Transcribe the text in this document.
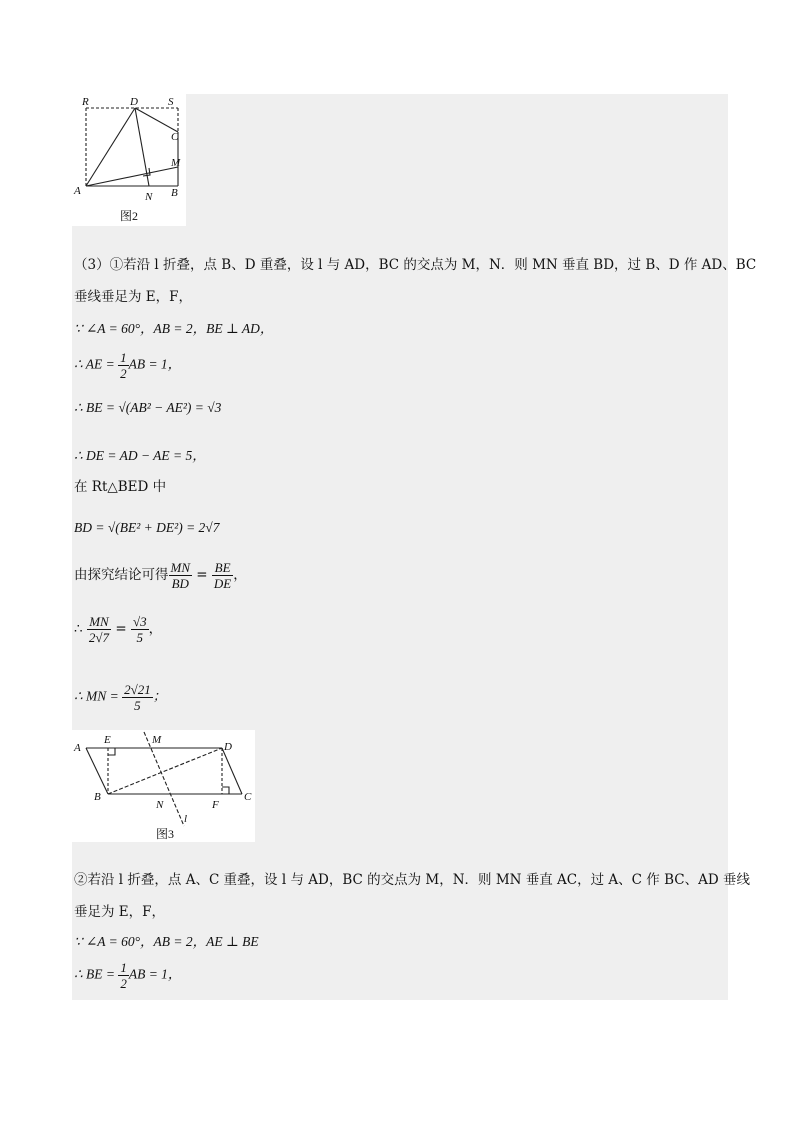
R	D	S
C
M
A	N B
图2
（3）①若沿 l 折叠，点 B、D 重叠，设 l 与 AD，BC 的交点为 M，N．则 MN 垂直 BD，过 B、D 作 AD、BC
垂线垂足为 E，F，
∵ ∠A = 60°，AB = 2，BE ⊥ AD，
∴ AE = $\frac{1}{2}$ AB = 1，
∴ BE = √(AB² − AE²) = √3
∴ DE = AD − AE = 5，
在 Rt△BED 中
BD = √(BE² + DE²) = 2√7
由探究结论可得 $\frac{MN}{BD} = \frac{BE}{DE}$ ，
∴ $\frac{MN}{2√7} = \frac{√3}{5}$ ，
∴ MN = $\frac{2√21}{5}$ ；
A
E	M
D
B
N	F
C
l
图3
②若沿 l 折叠，点 A、C 重叠，设 l 与 AD，BC 的交点为 M，N．则 MN 垂直 AC，过 A、C 作 BC、AD 垂线
垂足为 E，F，
∵ ∠A = 60°，AB = 2，AE ⊥ BE
∴ BE = $\frac{1}{2}$ AB = 1，
